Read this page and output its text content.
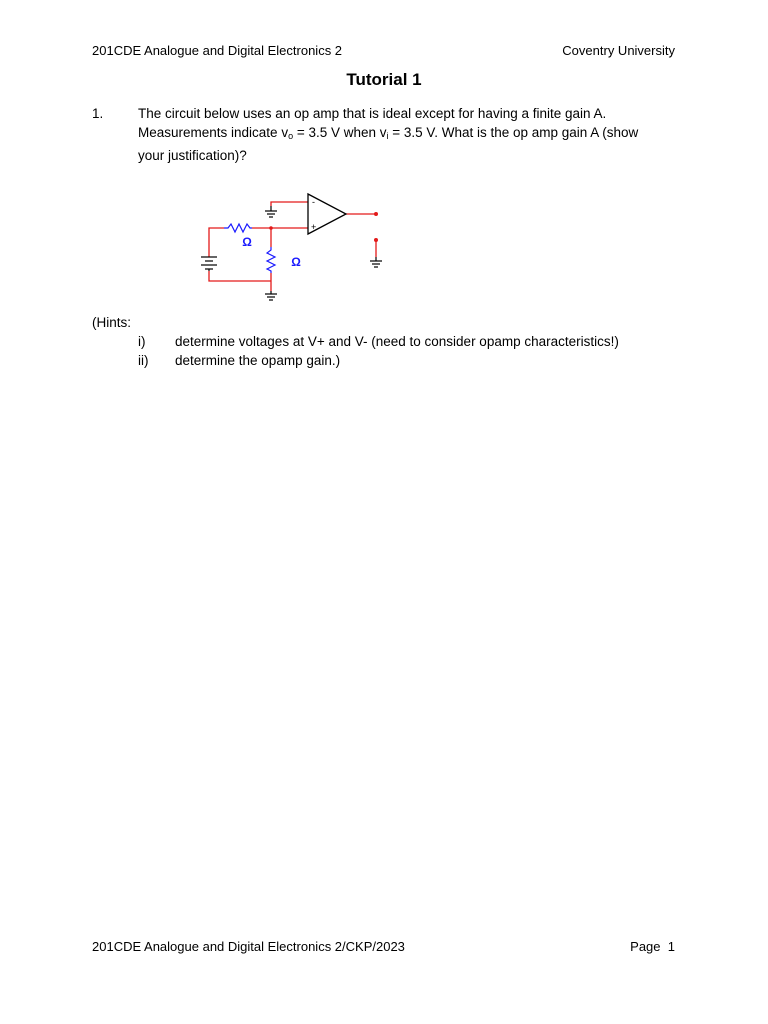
201CDE Analogue and Digital Electronics 2	Coventry University
Tutorial 1
1.	The circuit below uses an op amp that is ideal except for having a finite gain A.
Measurements indicate $v_o = 3.5$ V when $v_i = 3.5$ V. What is the op amp gain A (show
your justification)?
Ω
Ω
-
+
(Hints:
i) determine voltages at V+ and V- (need to consider opamp characteristics!)
ii) determine the opamp gain.)
201CDE Analogue and Digital Electronics 2/CKP/2023	Page 1
